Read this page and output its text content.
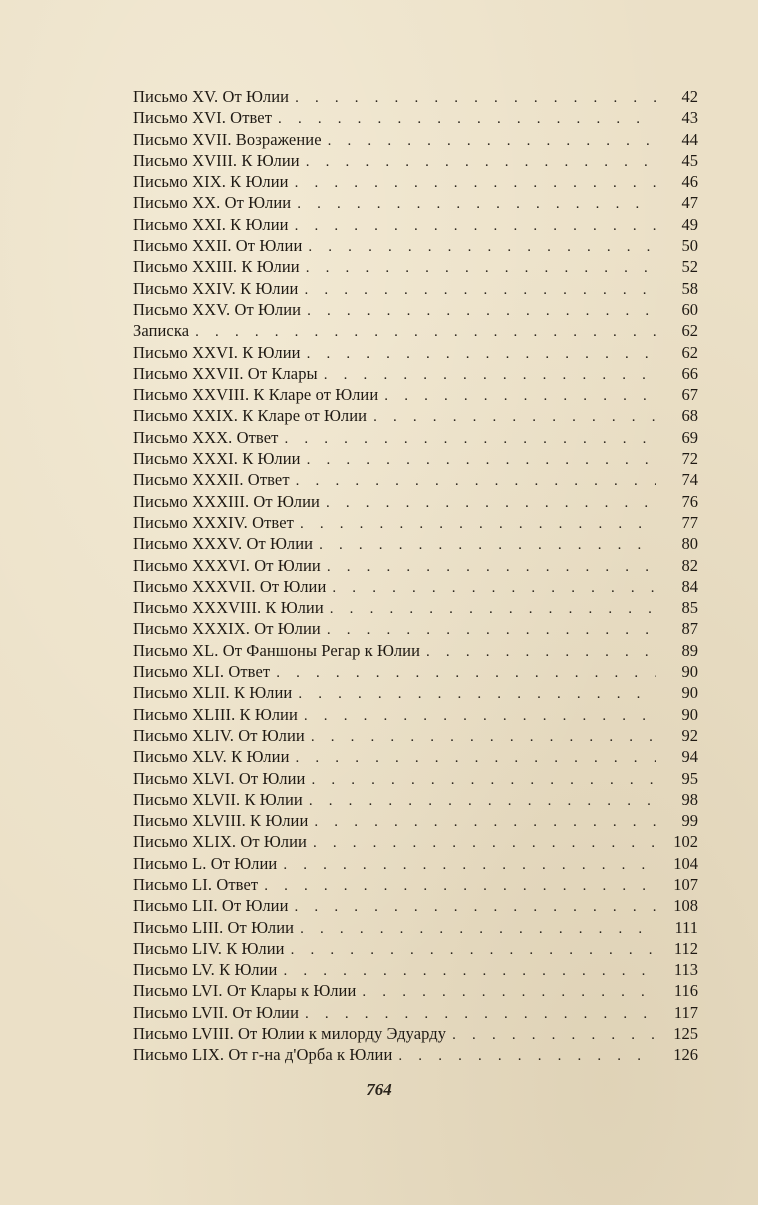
Письмо XV. От Юлии . . .	42
Письмо XVI. Ответ . . .	43
Письмо XVII. Возражение . . .	44
Письмо XVIII. К Юлии . . .	45
Письмо XIX. К Юлии . . .	46
Письмо XX. От Юлии . . .	47
Письмо XXI. К Юлии . . .	49
Письмо XXII. От Юлии . . .	50
Письмо XXIII. К Юлии . . .	52
Письмо XXIV. К Юлии . . .	58
Письмо XXV. От Юлии . . .	60
Записка . . .	62
Письмо XXVI. К Юлии . . .	62
Письмо XXVII. От Клары . . .	66
Письмо XXVIII. К Кларе от Юлии . . .	67
Письмо XXIX. К Кларе от Юлии . . .	68
Письмо XXX. Ответ . . .	69
Письмо XXXI. К Юлии . . .	72
Письмо XXXII. Ответ . . .	74
Письмо XXXIII. От Юлии . . .	76
Письмо XXXIV. Ответ . . .	77
Письмо XXXV. От Юлии . . .	80
Письмо XXXVI. От Юлии . . .	82
Письмо XXXVII. От Юлии . . .	84
Письмо XXXVIII. К Юлии . . .	85
Письмо XXXIX. От Юлии . . .	87
Письмо XL. От Фаншоны Регар к Юлии . . .	89
Письмо XLI. Ответ . . .	90
Письмо XLII. К Юлии . . .	90
Письмо XLIII. К Юлии . . .	90
Письмо XLIV. От Юлии . . .	92
Письмо XLV. К Юлии . . .	94
Письмо XLVI. От Юлии . . .	95
Письмо XLVII. К Юлии . . .	98
Письмо XLVIII. К Юлии . . .	99
Письмо XLIX. От Юлии . . .	102
Письмо L. От Юлии . . .	104
Письмо LI. Ответ . . .	107
Письмо LII. От Юлии . . .	108
Письмо LIII. От Юлии . . .	111
Письмо LIV. К Юлии . . .	112
Письмо LV. К Юлии . . .	113
Письмо LVI. От Клары к Юлии . . .	116
Письмо LVII. От Юлии . . .	117
Письмо LVIII. От Юлии к милорду Эдуарду . . .	125
Письмо LIX. От г-на д'Орба к Юлии . . .	126
764
